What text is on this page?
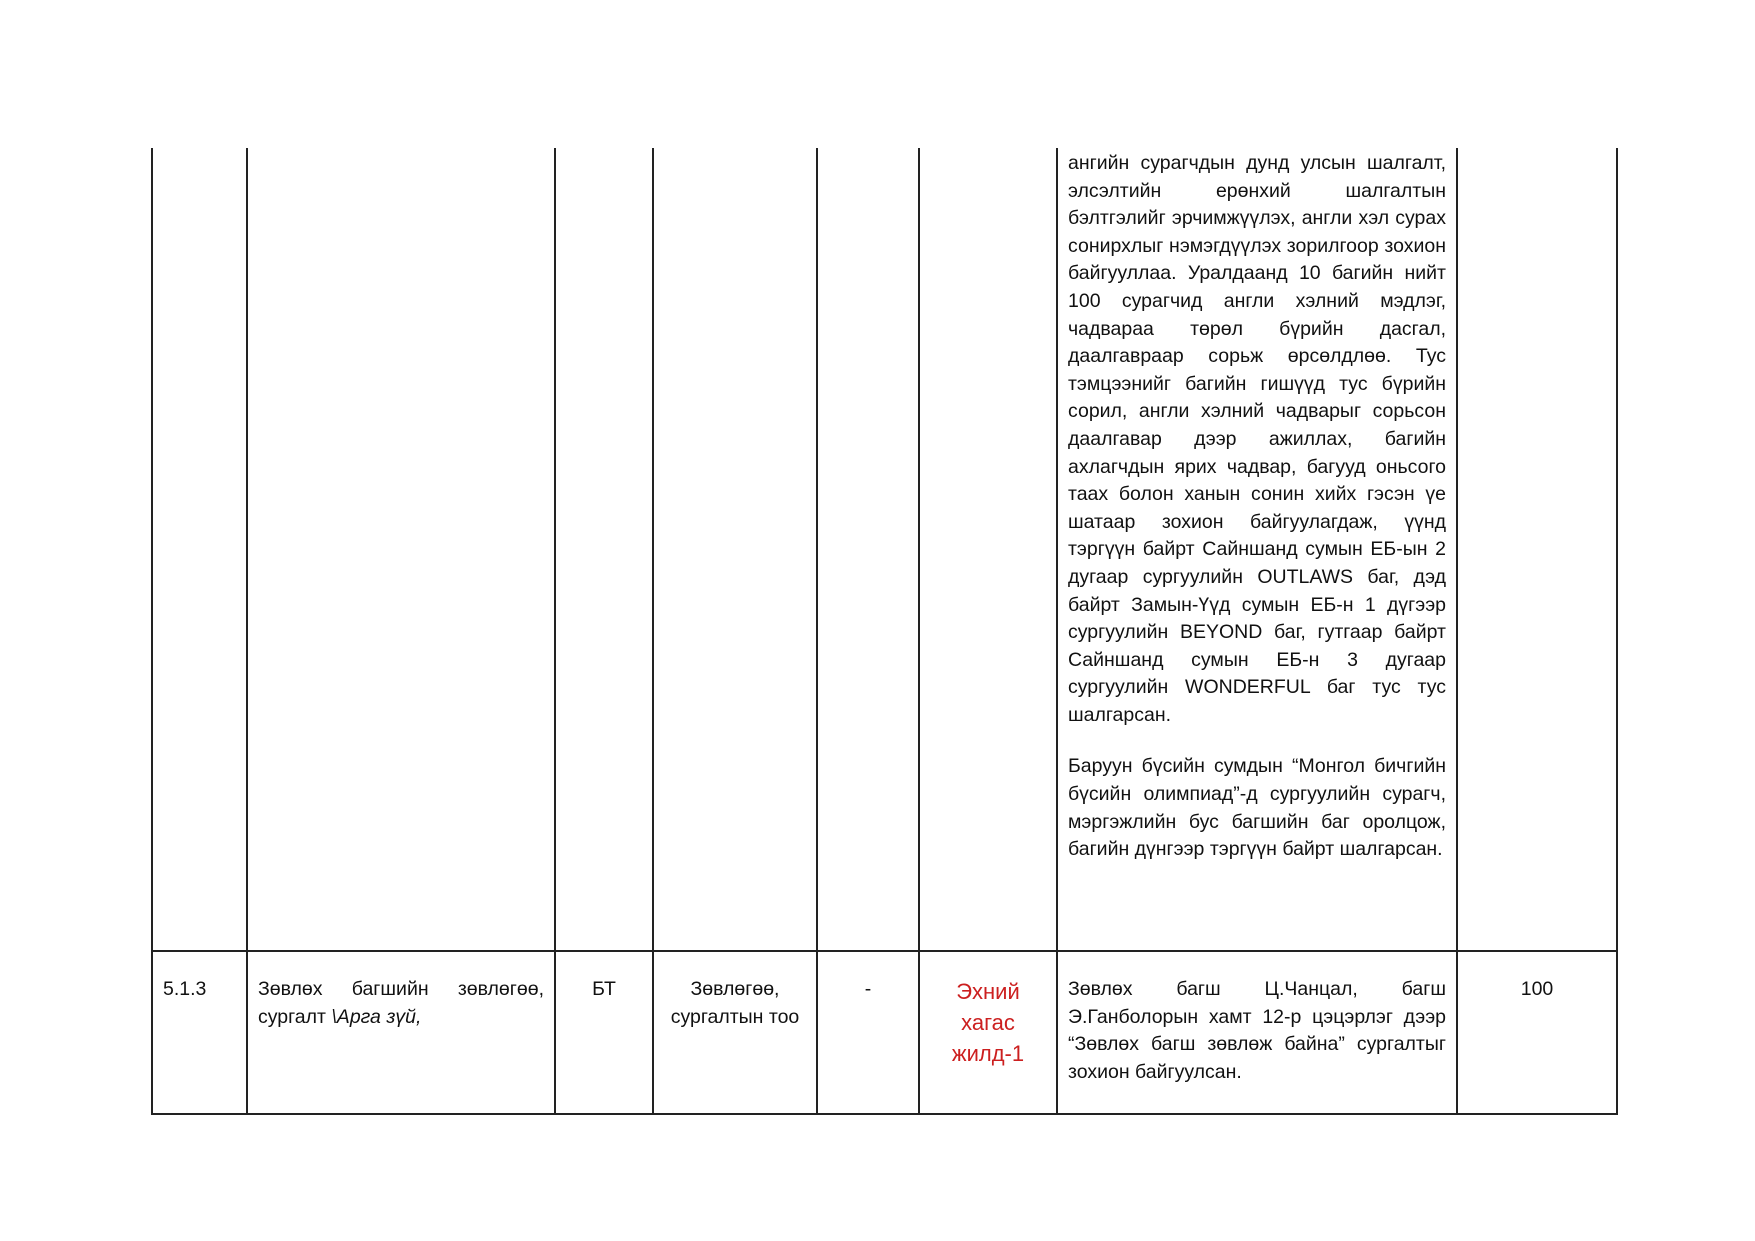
						ангийн сурагчдын дунд улсын шалгалт, элсэлтийн ерөнхий шалгалтын бэлтгэлийг эрчимжүүлэх, англи хэл сурах сонирхлыг нэмэгдүүлэх зорилгоор зохион байгууллаа. Уралдаанд 10 багийн нийт 100 сурагчид англи хэлний мэдлэг, чадвараа төрөл бүрийн дасгал, даалгавраар сорьж өрсөлдлөө. Тус тэмцээнийг багийн гишүүд тус бүрийн сорил, англи хэлний чадварыг сорьсон даалгавар дээр ажиллах, багийн ахлагчдын ярих чадвар, багууд оньсого таах болон ханын сонин хийх гэсэн үе шатаар зохион байгуулагдаж, үүнд тэргүүн байрт Сайншанд сумын ЕБ-ын 2 дугаар сургуулийн OUTLAWS баг, дэд байрт Замын-Үүд сумын ЕБ-н 1 дүгээр сургуулийн BEYOND баг, гутгаар байрт Сайншанд сумын ЕБ-н 3 дугаар сургуулийн WONDERFUL баг тус тус шалгарсан.
Баруун бүсийн сумдын “Монгол бичгийн бүсийн олимпиад”-д сургуулийн сурагч, мэргэжлийн бус багшийн баг оролцож, багийн дүнгээр тэргүүн байрт шалгарсан.	

5.1.3	Зөвлөх багшийн зөвлөгөө, сургалт \Арга зүй,	БТ	Зөвлөгөө, сургалтын тоо	-	Эхний хагас жилд-1	Зөвлөх багш Ц.Чанцал, багш Э.Ганболорын хамт 12-р цэцэрлэг дээр “Зөвлөх багш зөвлөж байна” сургалтыг зохион байгуулсан.	100
